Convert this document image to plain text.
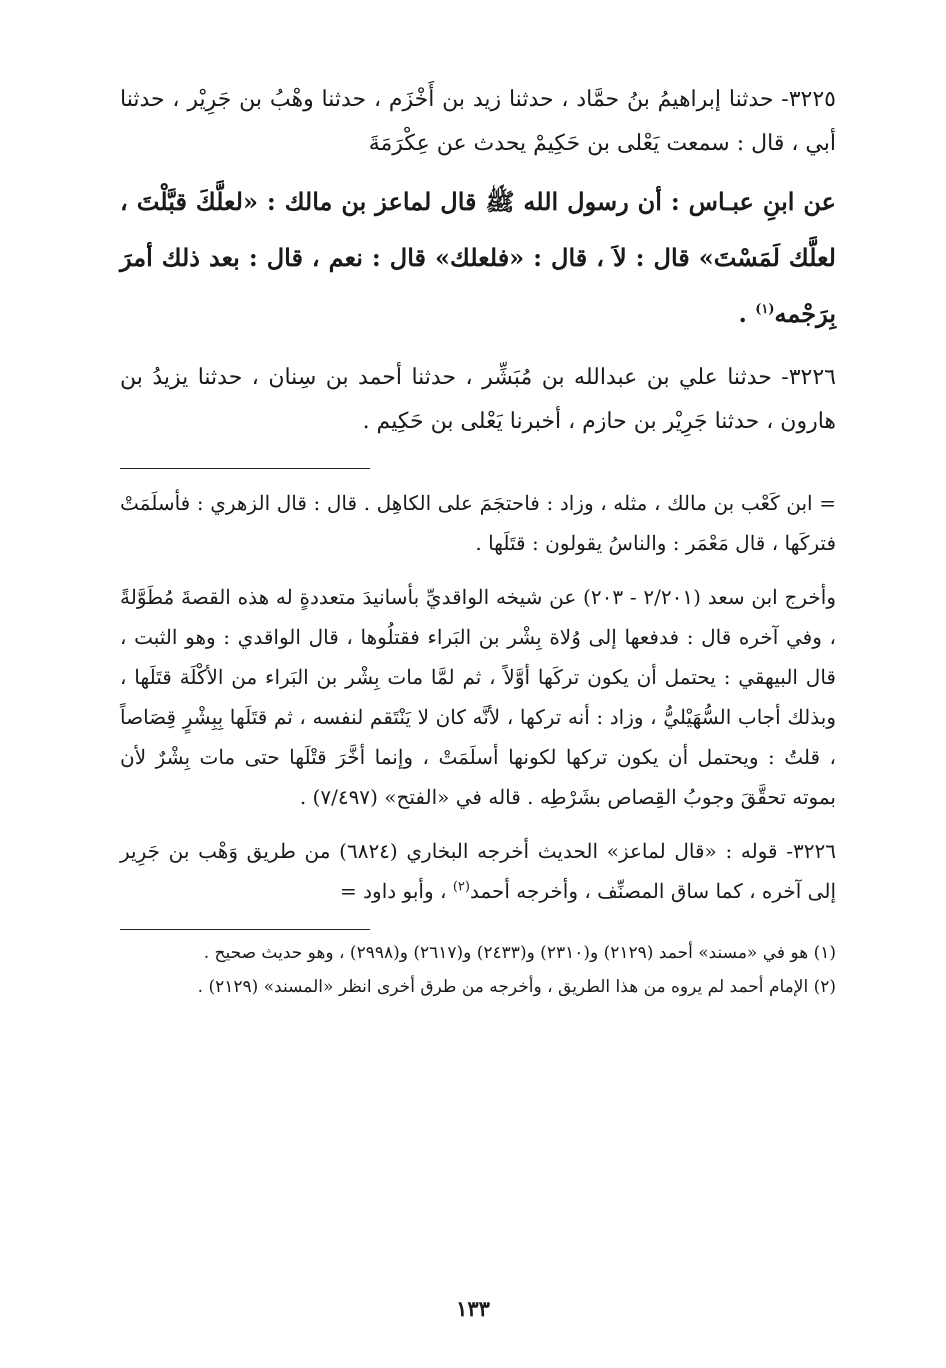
٣٢٢٥- حدثنا إبراهيمُ بنُ حمَّاد ، حدثنا زيد بن أَخْزَم ، حدثنا وهْبُ بن جَرِيْر ، حدثنا أبي ، قال : سمعت يَعْلى بن حَكِيمْ يحدث عن عِكْرَمَةَ

عن ابنِ عبـاس : أن رسول الله ﷺ قال لماعز بن مالك : «لعلَّكَ قبَّلْتَ ، لعلَّك لَمَسْتَ» قال : لاَ ، قال : «فلعلك» قال : نعم ، قال : بعد ذلك أمرَ بِرَجْمه$^{(١)}$ .

٣٢٢٦- حدثنا علي بن عبدالله بن مُبَشِّر ، حدثنا أحمد بن سِنان ، حدثنا يزيدُ بن هارون ، حدثنا جَرِيْر بن حازم ، أخبرنا يَعْلى بن حَكِيم .

= ابن كَعْب بن مالك ، مثله ، وزاد : فاحتجَمَ على الكاهِل . قال : قال الزهري : فأسلَمَتْ فتركَها ، قال مَعْمَر : والناسُ يقولون : قتَلَها .

وأخرج ابن سعد (٢/٢٠١ - ٢٠٣) عن شيخه الواقديِّ بأسانيدَ متعددةٍ له هذه القصةَ مُطَوَّلةً ، وفي آخره قال : فدفعها إلى وُلاة بِشْر بن البَراء فقتلُوها ، قال الواقدي : وهو الثبت ، قال البيهقي : يحتمل أن يكون تركَها أوَّلاً ، ثم لمَّا مات بِشْر بن البَراء من الأكْلَة قتَلَها ، وبذلك أجاب السُّهَيْليُّ ، وزاد : أنه تركها ، لأنَّه كان لا يَنْتَقم لنفسه ، ثم قتَلَها بِبِشْرٍ قِصَاصاً ، قلتُ : ويحتمل أن يكون تركها لكونها أسلَمَتْ ، وإنما أخَّرَ قتْلَها حتى مات بِشْرٌ لأن بموته تحقَّقَ وجوبُ القِصاص بشَرْطِه . قاله في «الفتح» (٧/٤٩٧) .

٣٢٢٦- قوله : «قال لماعز» الحديث أخرجه البخاري (٦٨٢٤) من طريق وَهْب بن جَرِير إلى آخره ، كما ساق المصنِّف ، وأخرجه أحمد$^{(٢)}$ ، وأبو داود =

(١) هو في «مسند» أحمد (٢١٢٩) و(٢٣١٠) و(٢٤٣٣) و(٢٦١٧) و(٢٩٩٨) ، وهو حديث صحيح .

(٢) الإمام أحمد لم يروه من هذا الطريق ، وأخرجه من طرق أخرى انظر «المسند» (٢١٢٩) .

١٣٣
